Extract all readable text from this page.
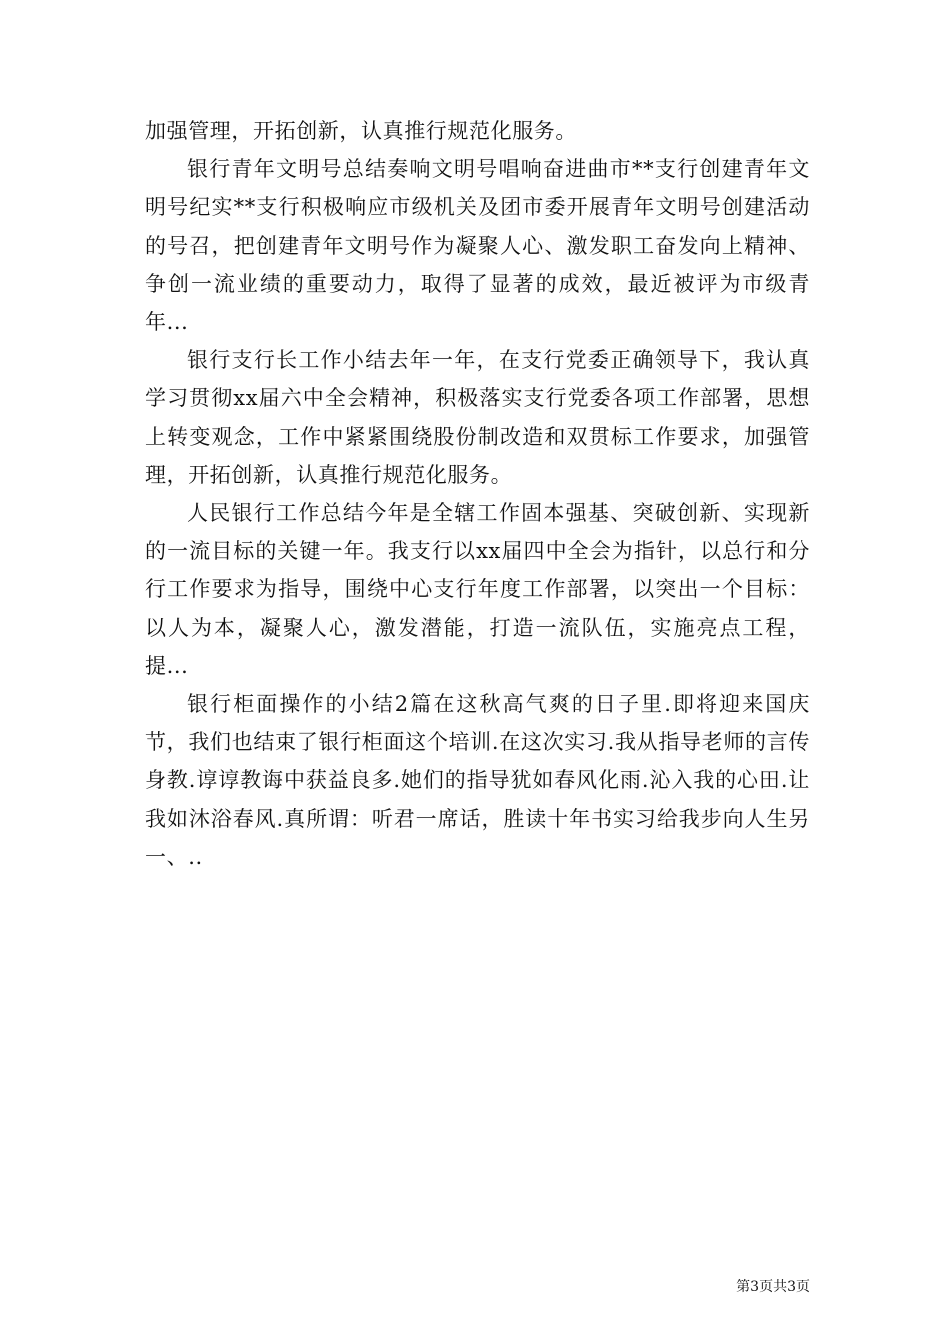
加强管理，开拓创新，认真推行规范化服务。

银行青年文明号总结奏响文明号唱响奋进曲市**支行创建青年文明号纪实**支行积极响应市级机关及团市委开展青年文明号创建活动的号召，把创建青年文明号作为凝聚人心、激发职工奋发向上精神、争创一流业绩的重要动力，取得了显著的成效，最近被评为市级青年...

银行支行长工作小结去年一年，在支行党委正确领导下，我认真学习贯彻xx届六中全会精神，积极落实支行党委各项工作部署，思想上转变观念，工作中紧紧围绕股份制改造和双贯标工作要求，加强管理，开拓创新，认真推行规范化服务。

人民银行工作总结今年是全辖工作固本强基、突破创新、实现新的一流目标的关键一年。我支行以xx届四中全会为指针，以总行和分行工作要求为指导，围绕中心支行年度工作部署，以突出一个目标：以人为本，凝聚人心，激发潜能，打造一流队伍，实施亮点工程，提...

银行柜面操作的小结2篇在这秋高气爽的日子里.即将迎来国庆节，我们也结束了银行柜面这个培训.在这次实习.我从指导老师的言传身教.谆谆教诲中获益良多.她们的指导犹如春风化雨.沁入我的心田.让我如沐浴春风.真所谓：听君一席话，胜读十年书实习给我步向人生另一、..

第3页共3页
